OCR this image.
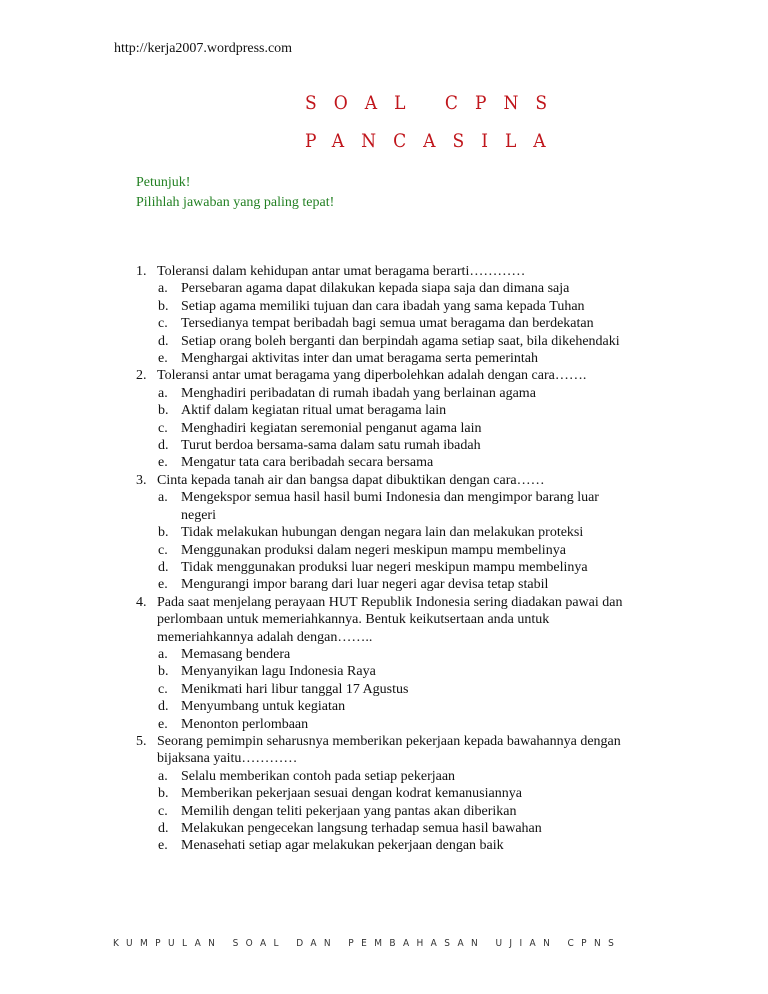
http://kerja2007.wordpress.com
SOAL CPNS
PANCASILA
Petunjuk!
Pilihlah jawaban yang paling tepat!
1. Toleransi dalam kehidupan antar umat beragama berarti…………
a. Persebaran agama dapat dilakukan kepada siapa saja dan dimana saja
b. Setiap agama memiliki tujuan dan cara ibadah yang sama kepada Tuhan
c. Tersedianya tempat beribadah bagi semua umat beragama dan berdekatan
d. Setiap orang boleh berganti dan berpindah agama setiap saat, bila dikehendaki
e. Menghargai aktivitas inter dan umat beragama serta pemerintah
2. Toleransi antar umat beragama yang diperbolehkan adalah dengan cara…….
a. Menghadiri peribadatan di rumah ibadah yang berlainan agama
b. Aktif dalam kegiatan ritual umat beragama lain
c. Menghadiri kegiatan seremonial penganut agama lain
d. Turut berdoa bersama-sama dalam satu rumah ibadah
e. Mengatur tata cara beribadah secara bersama
3. Cinta kepada tanah air dan bangsa dapat dibuktikan dengan cara……
a. Mengekspor semua hasil hasil bumi Indonesia dan mengimpor barang luar negeri
b. Tidak melakukan hubungan dengan negara lain dan melakukan proteksi
c. Menggunakan produksi dalam negeri meskipun mampu membelinya
d. Tidak menggunakan produksi luar negeri meskipun mampu membelinya
e. Mengurangi impor barang dari luar negeri agar devisa tetap stabil
4. Pada saat menjelang perayaan HUT Republik Indonesia sering diadakan pawai dan perlombaan untuk memeriahkannya. Bentuk keikutsertaan anda untuk memeriahkannya adalah dengan……..
a. Memasang bendera
b. Menyanyikan lagu Indonesia Raya
c. Menikmati hari libur tanggal 17 Agustus
d. Menyumbang untuk kegiatan
e. Menonton perlombaan
5. Seorang pemimpin seharusnya memberikan pekerjaan kepada bawahannya dengan bijaksana yaitu…………
a. Selalu memberikan contoh pada setiap pekerjaan
b. Memberikan pekerjaan sesuai dengan kodrat kemanusiannya
c. Memilih dengan teliti pekerjaan yang pantas akan diberikan
d. Melakukan pengecekan langsung terhadap semua hasil bawahan
e. Menasehati setiap agar melakukan pekerjaan dengan baik
KUMPULAN SOAL DAN PEMBAHASAN UJIAN CPNS
